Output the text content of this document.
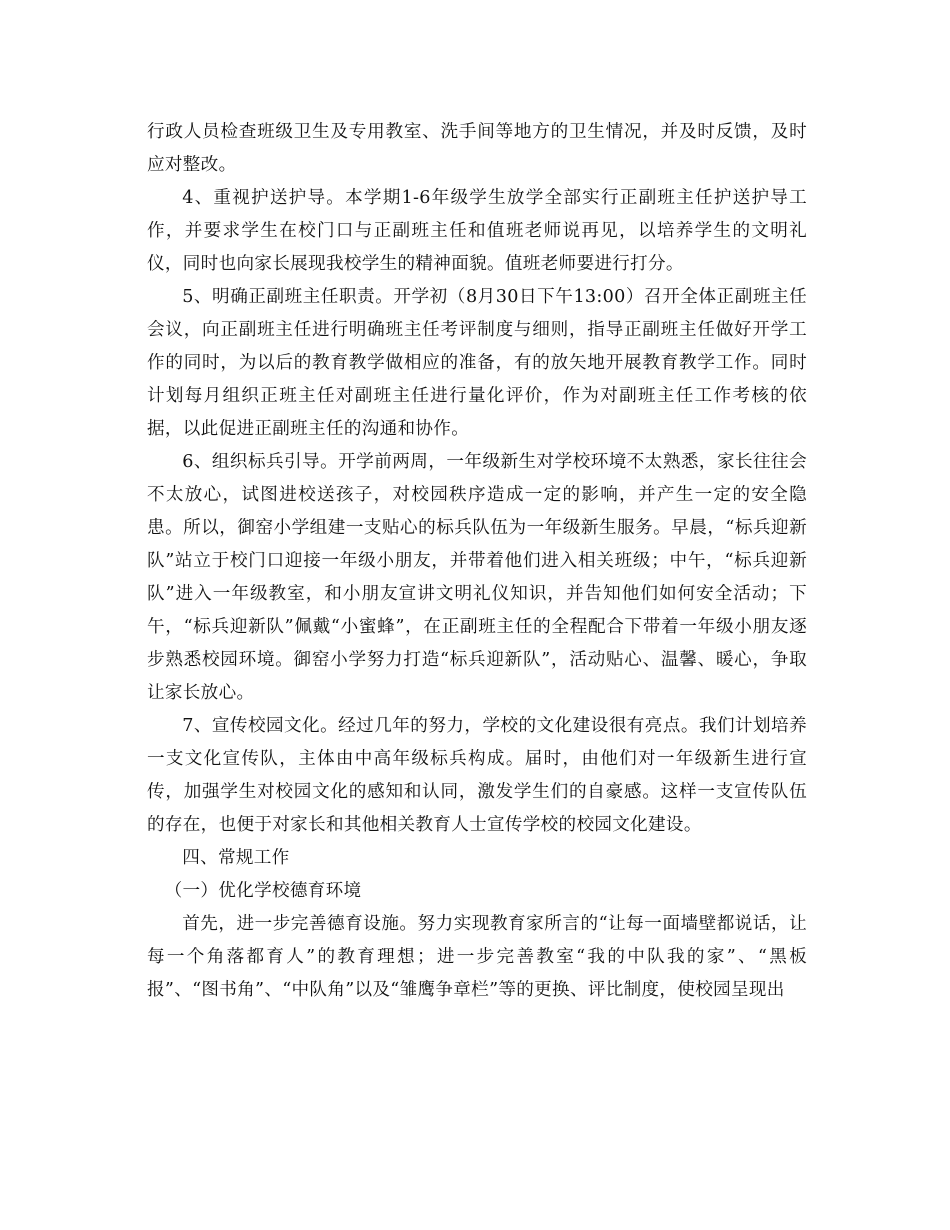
行政人员检查班级卫生及专用教室、洗手间等地方的卫生情况，并及时反馈，及时应对整改。

4、重视护送护导。本学期1-6年级学生放学全部实行正副班主任护送护导工作，并要求学生在校门口与正副班主任和值班老师说再见，以培养学生的文明礼仪，同时也向家长展现我校学生的精神面貌。值班老师要进行打分。

5、明确正副班主任职责。开学初（8月30日下午13:00）召开全体正副班主任会议，向正副班主任进行明确班主任考评制度与细则，指导正副班主任做好开学工作的同时，为以后的教育教学做相应的准备，有的放矢地开展教育教学工作。同时计划每月组织正班主任对副班主任进行量化评价，作为对副班主任工作考核的依据，以此促进正副班主任的沟通和协作。

6、组织标兵引导。开学前两周，一年级新生对学校环境不太熟悉，家长往往会不太放心，试图进校送孩子，对校园秩序造成一定的影响，并产生一定的安全隐患。所以，御窑小学组建一支贴心的标兵队伍为一年级新生服务。早晨，“标兵迎新队”站立于校门口迎接一年级小朋友，并带着他们进入相关班级；中午，“标兵迎新队”进入一年级教室，和小朋友宣讲文明礼仪知识，并告知他们如何安全活动；下午，“标兵迎新队”佩戴“小蜜蜂”，在正副班主任的全程配合下带着一年级小朋友逐步熟悉校园环境。御窑小学努力打造“标兵迎新队”，活动贴心、温馨、暖心，争取让家长放心。

7、宣传校园文化。经过几年的努力，学校的文化建设很有亮点。我们计划培养一支文化宣传队，主体由中高年级标兵构成。届时，由他们对一年级新生进行宣传，加强学生对校园文化的感知和认同，激发学生们的自豪感。这样一支宣传队伍的存在，也便于对家长和其他相关教育人士宣传学校的校园文化建设。

四、常规工作

（一）优化学校德育环境

首先，进一步完善德育设施。努力实现教育家所言的“让每一面墙壁都说话，让每一个角落都育人”的教育理想；进一步完善教室“我的中队我的家”、“黑板报”、“图书角”、“中队角”以及“雏鹰争章栏”等的更换、评比制度，使校园呈现出
